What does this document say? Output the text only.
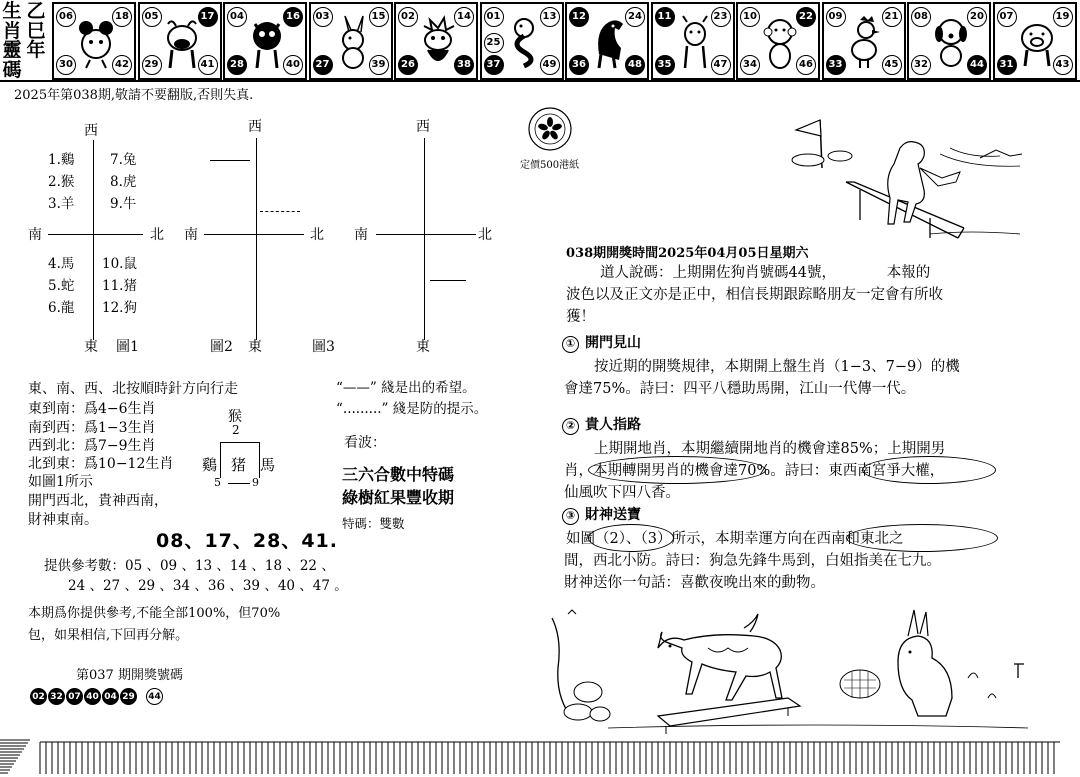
生
肖
靈
碼
乙
巳
年
06	18
30	42
05	17
29	41
04	16
28	40
03	15
27	39
02	14
26	38
01	13
37	49
25
12	24
36	48
11	23
35	47
10	22
34	46
09	21
33	45
08	20
32	44
07	19
31	43
2025年第038期,敬請不要翻版,否則失真.
西
南	北
東 圖1
1.鷄
2.猴
3.羊
7.兔
8.虎
9.牛
4.馬
5.蛇
6.龍
10.鼠
11.猪
12.狗
西
南	北
東
圖2	圖3
西
南	北
東
“——” 綫是出的希望。
“.........” 綫是防的提示。
東、南、西、北按順時針方向行走
東到南：爲4−6生肖
南到西：爲1−3生肖
西到北：爲7−9生肖
北到東：爲10−12生肖
如圖1所示
開門西北，貴神西南，
財神東南。
猴
2
鷄 猪 馬
5	9
看波：
三六合數中特碼
綠樹紅果豐收期
特碼：雙數
08、17、28、41.
提供參考數：05 、09 、13 、14 、18 、22 、
24 、27 、29 、34 、36 、39 、40 、47 。
本期爲你提供參考,不能全部100%，但70%
包，如果相信,下回再分解。
第037 期開獎號碼
02 32 07 40 04 29 44
定價500港紙
038期開獎時間2025年04月05日星期六
道人說碼：上期開佐狗肖號碼44號，　　　　本報的
波色以及正文亦是正中，相信長期跟踪略朋友一定會有所收
獲！
① 開門見山
按近期的開獎規律，本期開上盤生肖（1−3、7−9）的機
會達75%。詩曰：四平八穩助馬開，江山一代傳一代。
② 貴人指路
上期開地肖，本期繼續開地肖的機會達85%；上期開男
肖，本期轉開男肖的機會達70%。詩曰：東西南宮爭大權，
仙風吹下四八香。
③ 財神送寶
如圖（2）、（3）所示，本期幸運方向在西南和東北之
間，西北小防。詩曰：狗急先鋒牛馬到，白姐指美在七九。
財神送你一句話：喜歡夜晚出來的動物。
